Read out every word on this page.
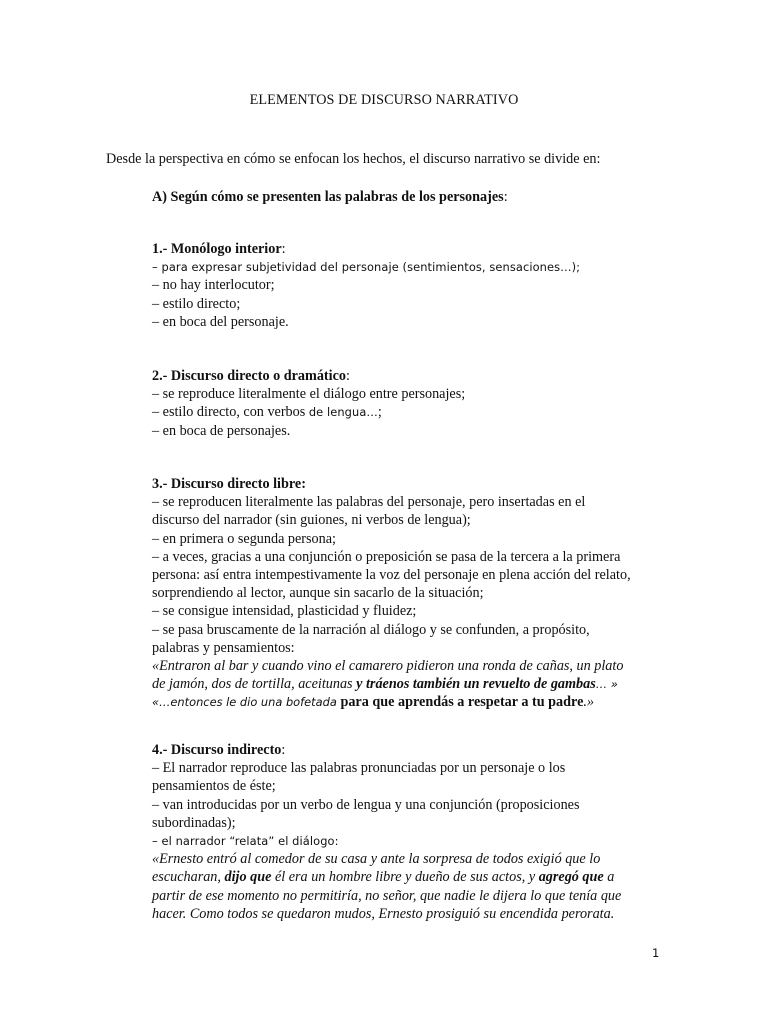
ELEMENTOS DE DISCURSO NARRATIVO
Desde la perspectiva en cómo se enfocan los hechos, el discurso narrativo se divide en:
A) Según cómo se presenten las palabras de los personajes:
1.- Monólogo interior:
– para expresar subjetividad del personaje (sentimientos, sensaciones…);
– no hay interlocutor;
– estilo directo;
– en boca del personaje.
2.- Discurso directo o dramático:
– se reproduce literalmente el diálogo entre personajes;
– estilo directo, con verbos de lengua…;
– en boca de personajes.
3.- Discurso directo libre:
– se reproducen literalmente las palabras del personaje, pero insertadas en el
discurso del narrador (sin guiones, ni verbos de lengua);
– en primera o segunda persona;
– a veces, gracias a una conjunción o preposición se pasa de la tercera a la primera
persona: así entra intempestivamente la voz del personaje en plena acción del relato,
sorprendiendo al lector, aunque sin sacarlo de la situación;
– se consigue intensidad, plasticidad y fluidez;
– se pasa bruscamente de la narración al diálogo y se confunden, a propósito,
palabras y pensamientos:
«Entraron al bar y cuando vino el camarero pidieron una ronda de cañas, un plato
de jamón, dos de tortilla, aceitunas y tráenos también un revuelto de gambas… »
«…entonces le dio una bofetada para que aprendás a respetar a tu padre.»
4.- Discurso indirecto:
– El narrador reproduce las palabras pronunciadas por un personaje o los
pensamientos de éste;
– van introducidas por un verbo de lengua y una conjunción (proposiciones
subordinadas);
– el narrador “relata” el diálogo:
«Ernesto entró al comedor de su casa y ante la sorpresa de todos exigió que lo
escucharan, dijo que él era un hombre libre y dueño de sus actos, y agregó que a
partir de ese momento no permitiría, no señor, que nadie le dijera lo que tenía que
hacer. Como todos se quedaron mudos, Ernesto prosiguió su encendida perorata.
1
